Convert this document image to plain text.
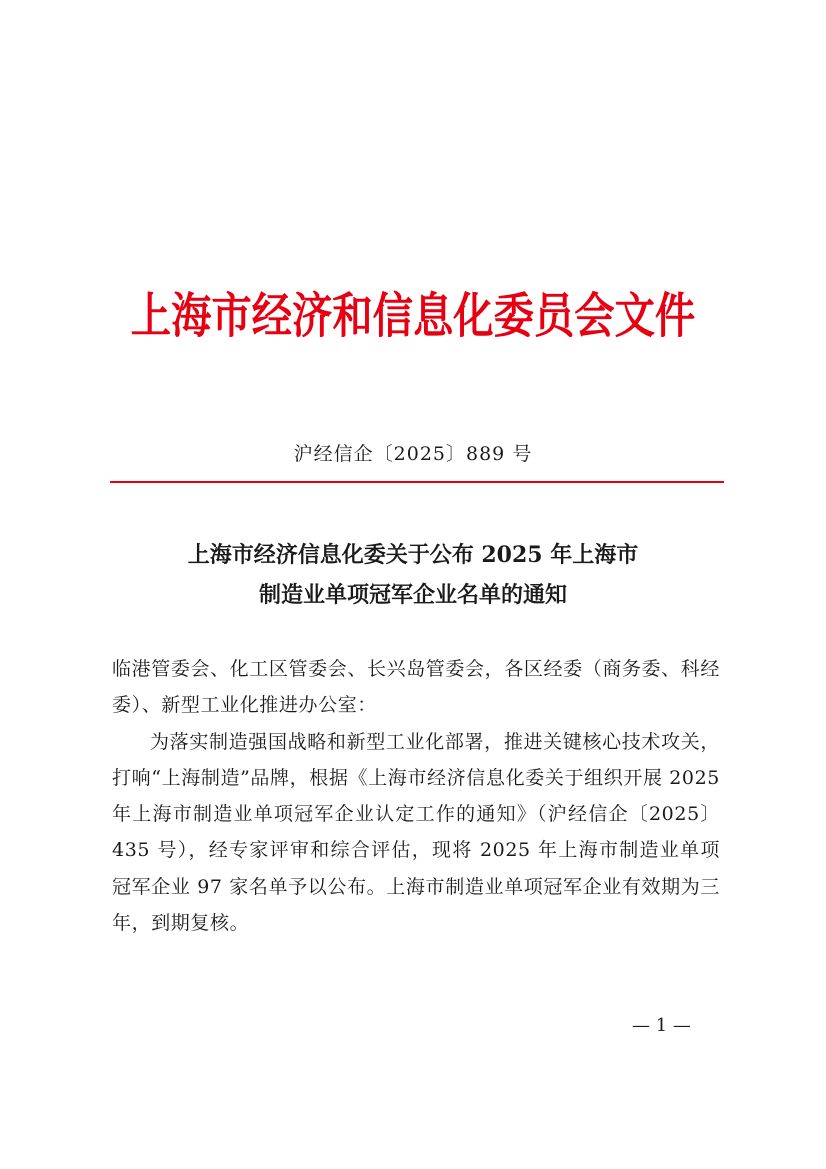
上海市经济和信息化委员会文件
沪经信企〔2025〕889 号
上海市经济信息化委关于公布 2025 年上海市
制造业单项冠军企业名单的通知

临港管委会、化工区管委会、长兴岛管委会，各区经委（商务委、科经委）、新型工业化推进办公室：

为落实制造强国战略和新型工业化部署，推进关键核心技术攻关，打响“上海制造”品牌，根据《上海市经济信息化委关于组织开展 2025 年上海市制造业单项冠军企业认定工作的通知》（沪经信企〔2025〕435 号），经专家评审和综合评估，现将 2025 年上海市制造业单项冠军企业 97 家名单予以公布。上海市制造业单项冠军企业有效期为三年，到期复核。

— 1 —
